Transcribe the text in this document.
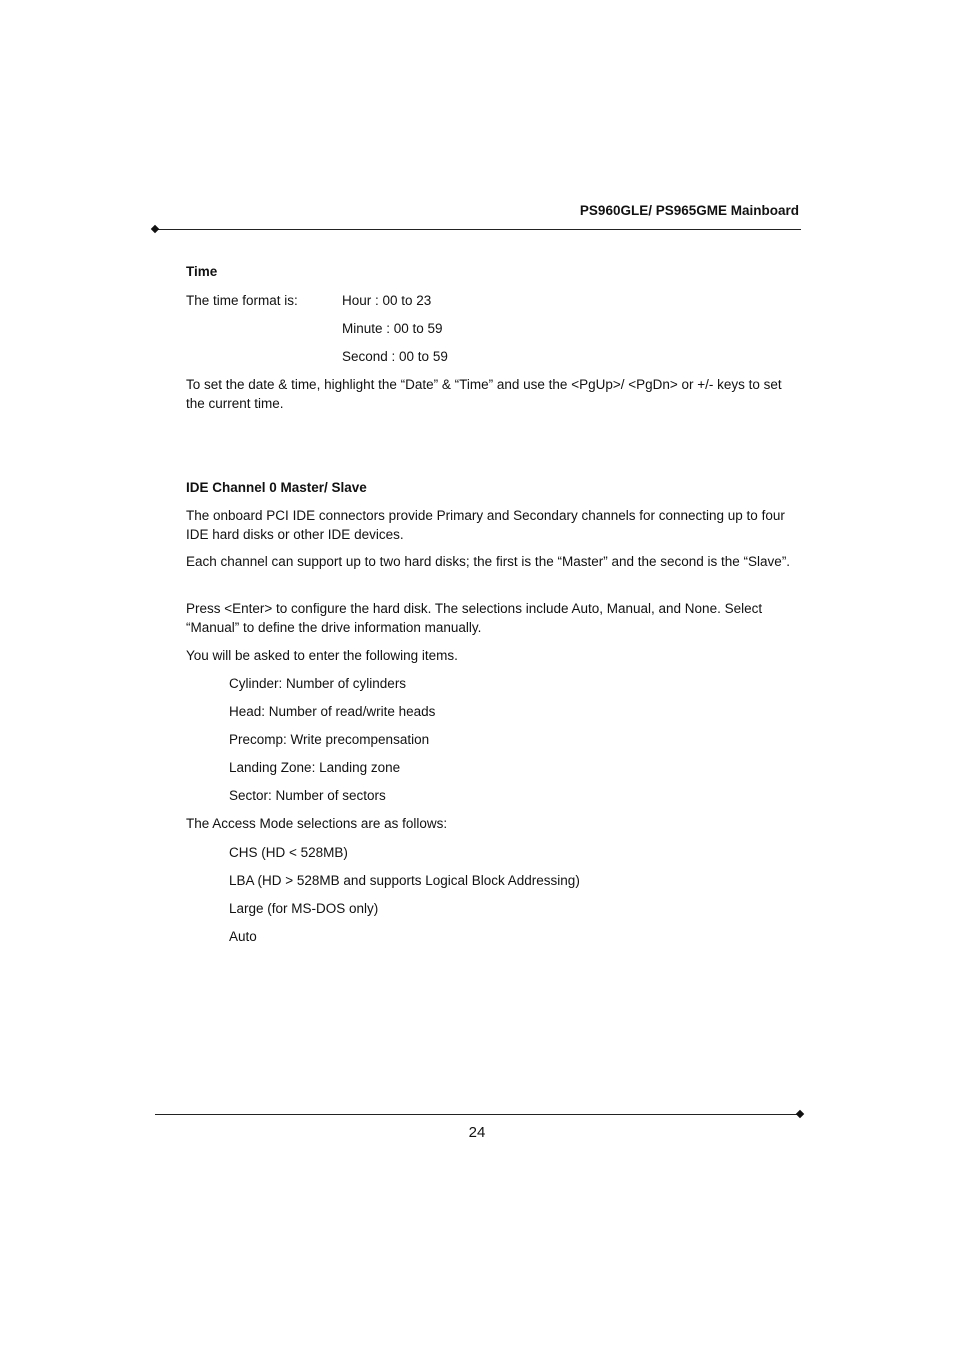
PS960GLE/ PS965GME Mainboard
Time
The time format is:	Hour : 00 to 23
Minute : 00 to 59
Second : 00 to 59
To set the date & time, highlight the “Date” & “Time” and use the <PgUp>/ <PgDn> or +/- keys to set the current time.
IDE Channel 0 Master/ Slave
The onboard PCI IDE connectors provide Primary and Secondary channels for connecting up to four IDE hard disks or other IDE devices.
Each channel can support up to two hard disks; the first is the “Master” and the second is the “Slave”.
Press <Enter> to configure the hard disk. The selections include Auto, Manual, and None. Select “Manual” to define the drive information manually.
You will be asked to enter the following items.
Cylinder: Number of cylinders
Head: Number of read/write heads
Precomp: Write precompensation
Landing Zone: Landing zone
Sector: Number of sectors
The Access Mode selections are as follows:
CHS (HD < 528MB)
LBA (HD > 528MB and supports Logical Block Addressing)
Large (for MS-DOS only)
Auto
24
